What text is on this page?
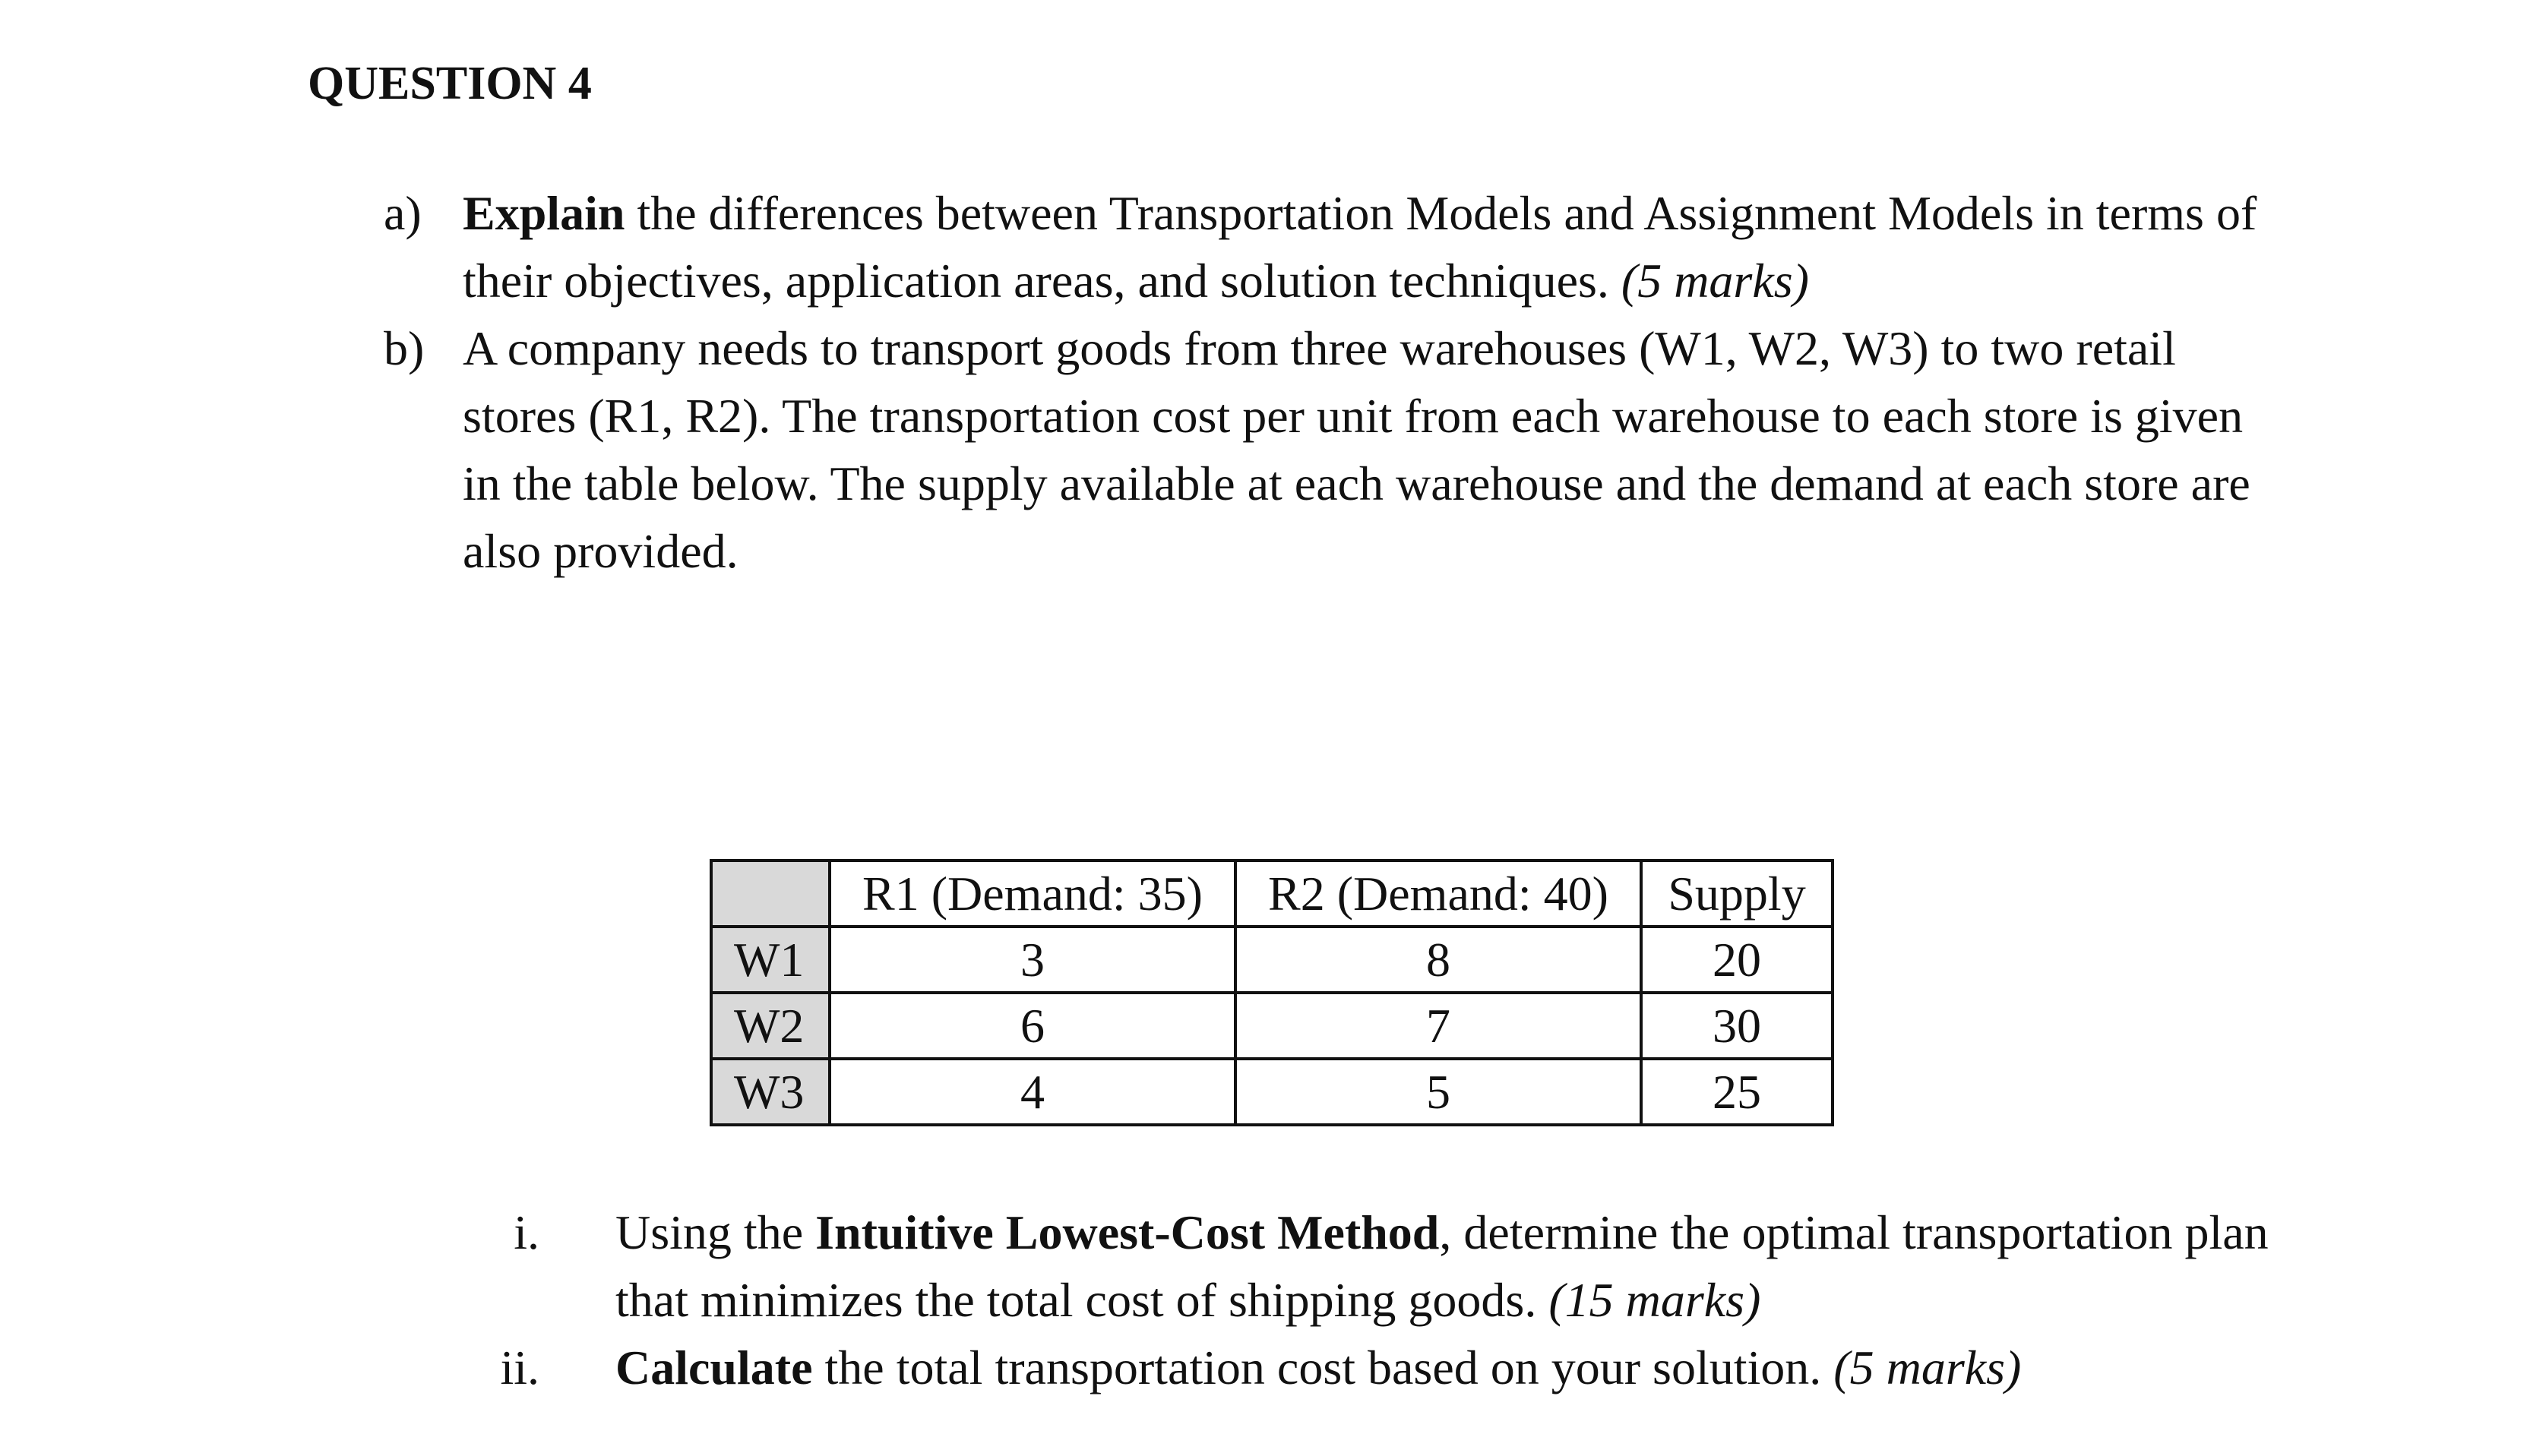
QUESTION 4
a) Explain the differences between Transportation Models and Assignment Models in terms of their objectives, application areas, and solution techniques. (5 marks)
b) A company needs to transport goods from three warehouses (W1, W2, W3) to two retail stores (R1, R2). The transportation cost per unit from each warehouse to each store is given in the table below. The supply available at each warehouse and the demand at each store are also provided.
	R1 (Demand: 35)	R2 (Demand: 40)	Supply
W1	3	8	20
W2	6	7	30
W3	4	5	25
i. Using the Intuitive Lowest-Cost Method, determine the optimal transportation plan that minimizes the total cost of shipping goods. (15 marks)
ii. Calculate the total transportation cost based on your solution. (5 marks)
